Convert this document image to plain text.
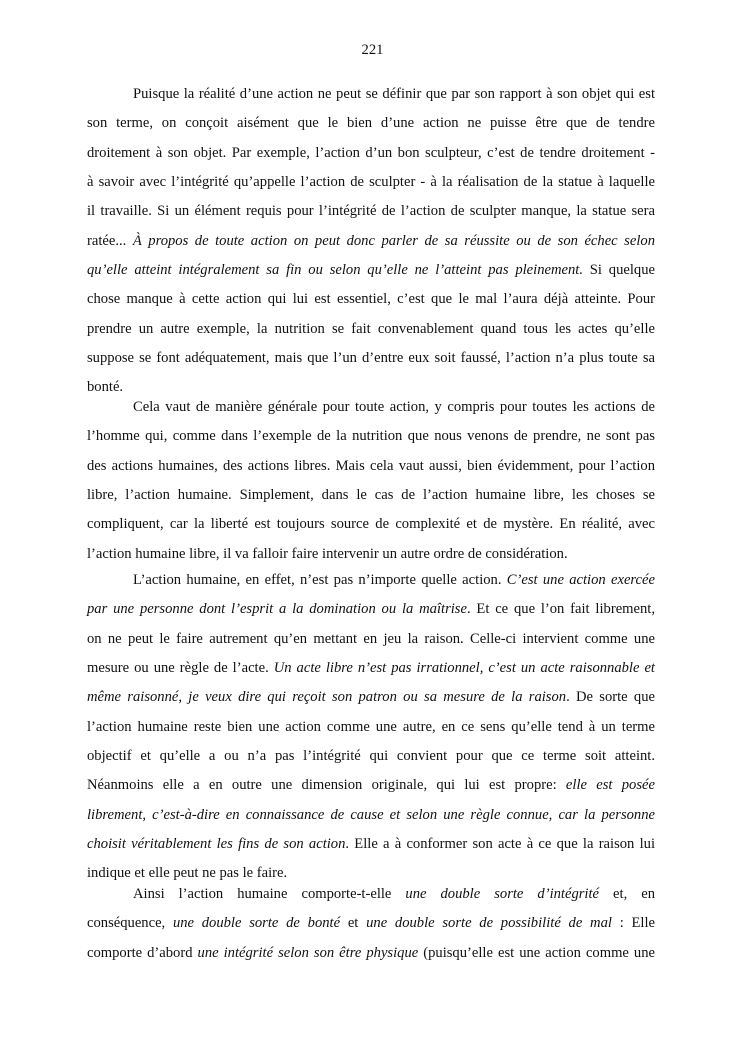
221
Puisque la réalité d’une action ne peut se définir que par son rapport à son objet qui est
son terme, on conçoit aisément que le bien d’une action ne puisse être que de tendre
droitement à son objet. Par exemple, l’action d’un bon sculpteur, c’est de tendre droitement -
à savoir avec l’intégrité qu’appelle l’action de sculpter - à la réalisation de la statue à laquelle
il travaille. Si un élément requis pour l’intégrité de l’action de sculpter manque, la statue sera
ratée... À propos de toute action on peut donc parler de sa réussite ou de son échec selon
qu’elle atteint intégralement sa fin ou selon qu’elle ne l’atteint pas pleinement. Si quelque
chose manque à cette action qui lui est essentiel, c’est que le mal l’aura déjà atteinte. Pour
prendre un autre exemple, la nutrition se fait convenablement quand tous les actes qu’elle
suppose se font adéquatement, mais que l’un d’entre eux soit faussé, l’action n’a plus toute sa
bonté.
Cela vaut de manière générale pour toute action, y compris pour toutes les actions de
l’homme qui, comme dans l’exemple de la nutrition que nous venons de prendre, ne sont pas
des actions humaines, des actions libres. Mais cela vaut aussi, bien évidemment, pour l’action
libre, l’action humaine. Simplement, dans le cas de l’action humaine libre, les choses se
compliquent, car la liberté est toujours source de complexité et de mystère. En réalité, avec
l’action humaine libre, il va falloir faire intervenir un autre ordre de considération.
L’action humaine, en effet, n’est pas n’importe quelle action. C’est une action exercée
par une personne dont l’esprit a la domination ou la maîtrise. Et ce que l’on fait librement,
on ne peut le faire autrement qu’en mettant en jeu la raison. Celle-ci intervient comme une
mesure ou une règle de l’acte. Un acte libre n’est pas irrationnel, c’est un acte raisonnable et
même raisonné, je veux dire qui reçoit son patron ou sa mesure de la raison. De sorte que
l’action humaine reste bien une action comme une autre, en ce sens qu’elle tend à un terme
objectif et qu’elle a ou n’a pas l’intégrité qui convient pour que ce terme soit atteint.
Néanmoins elle a en outre une dimension originale, qui lui est propre: elle est posée
librement, c’est-à-dire en connaissance de cause et selon une règle connue, car la personne
choisit véritablement les fins de son action. Elle a à conformer son acte à ce que la raison lui
indique et elle peut ne pas le faire.
Ainsi l’action humaine comporte-t-elle une double sorte d’intégrité et, en
conséquence, une double sorte de bonté et une double sorte de possibilité de mal : Elle
comporte d’abord une intégrité selon son être physique (puisqu’elle est une action comme une
